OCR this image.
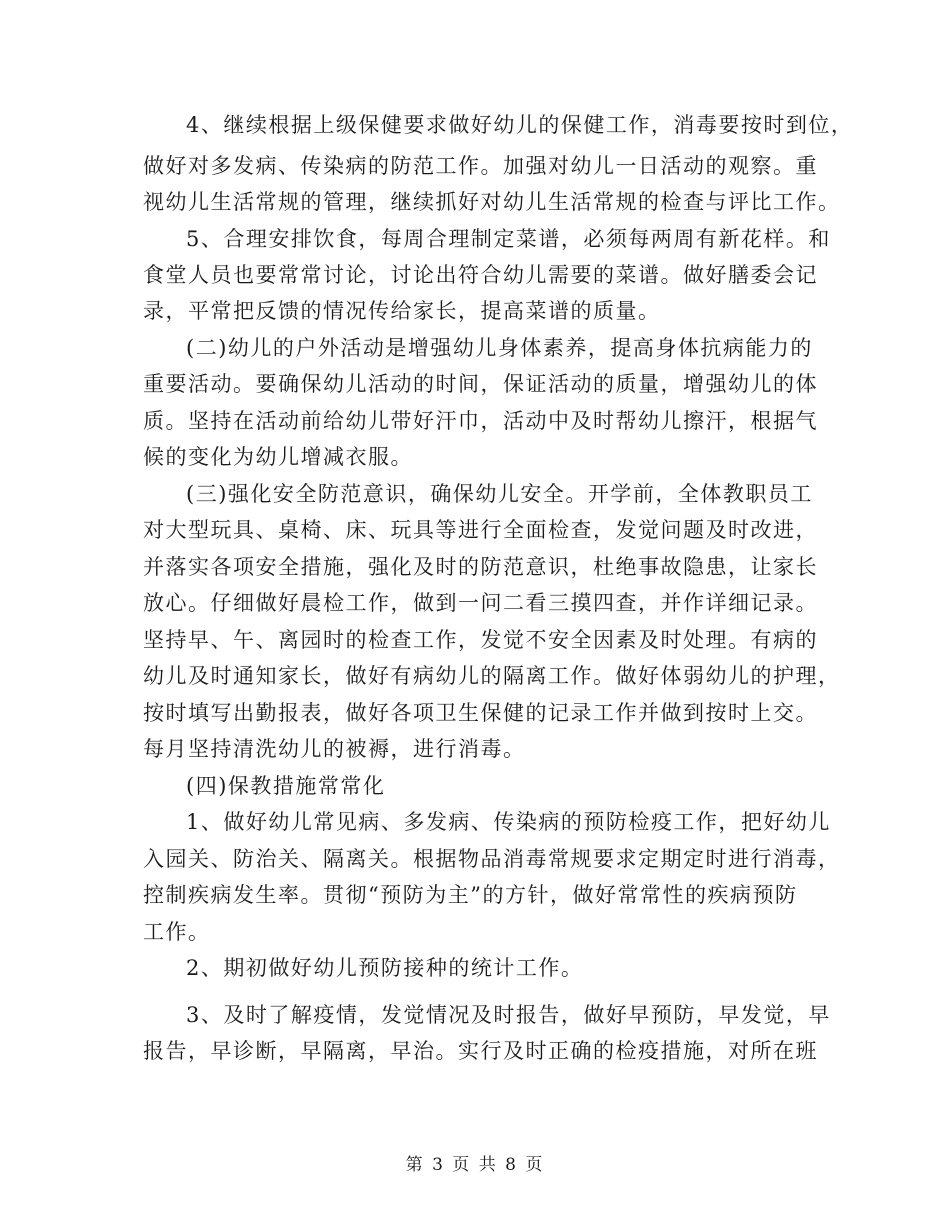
4、继续根据上级保健要求做好幼儿的保健工作，消毒要按时到位，
做好对多发病、传染病的防范工作。加强对幼儿一日活动的观察。重
视幼儿生活常规的管理，继续抓好对幼儿生活常规的检查与评比工作。
5、合理安排饮食，每周合理制定菜谱，必须每两周有新花样。和
食堂人员也要常常讨论，讨论出符合幼儿需要的菜谱。做好膳委会记
录，平常把反馈的情况传给家长，提高菜谱的质量。
(二)幼儿的户外活动是增强幼儿身体素养，提高身体抗病能力的
重要活动。要确保幼儿活动的时间，保证活动的质量，增强幼儿的体
质。坚持在活动前给幼儿带好汗巾，活动中及时帮幼儿擦汗，根据气
候的变化为幼儿增减衣服。
(三)强化安全防范意识，确保幼儿安全。开学前，全体教职员工
对大型玩具、桌椅、床、玩具等进行全面检查，发觉问题及时改进，
并落实各项安全措施，强化及时的防范意识，杜绝事故隐患，让家长
放心。仔细做好晨检工作，做到一问二看三摸四查，并作详细记录。
坚持早、午、离园时的检查工作，发觉不安全因素及时处理。有病的
幼儿及时通知家长，做好有病幼儿的隔离工作。做好体弱幼儿的护理，
按时填写出勤报表，做好各项卫生保健的记录工作并做到按时上交。
每月坚持清洗幼儿的被褥，进行消毒。
(四)保教措施常常化
1、做好幼儿常见病、多发病、传染病的预防检疫工作，把好幼儿
入园关、防治关、隔离关。根据物品消毒常规要求定期定时进行消毒，
控制疾病发生率。贯彻“预防为主”的方针，做好常常性的疾病预防
工作。
2、期初做好幼儿预防接种的统计工作。
3、及时了解疫情，发觉情况及时报告，做好早预防，早发觉，早
报告，早诊断，早隔离，早治。实行及时正确的检疫措施，对所在班
第 3 页 共 8 页
